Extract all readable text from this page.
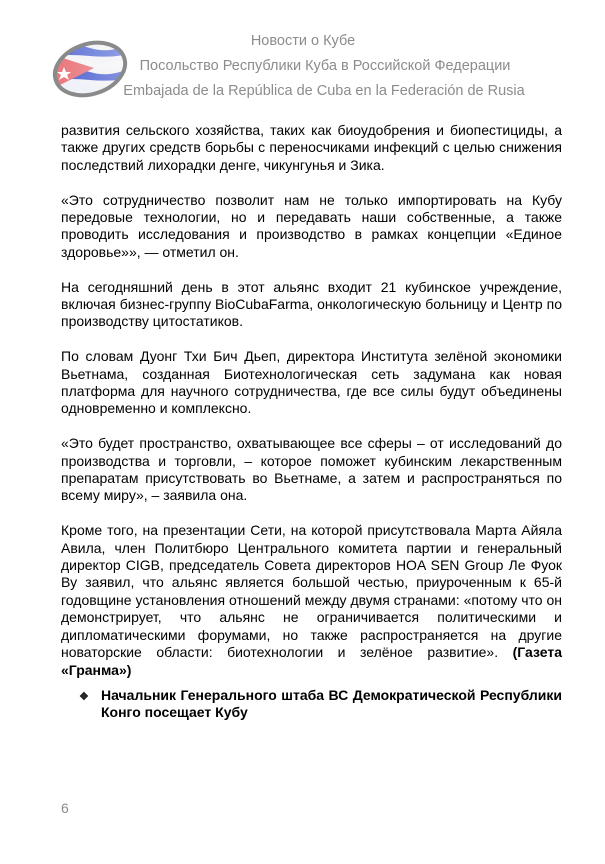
Новости о Кубе
Посольство Республики Куба в Российской Федерации
Embajada de la República de Cuba en la Federación de Rusia

развития сельского хозяйства, таких как биоудобрения и биопестициды, а также других средств борьбы с переносчиками инфекций с целью снижения последствий лихорадки денге, чикунгунья и Зика.

«Это сотрудничество позволит нам не только импортировать на Кубу передовые технологии, но и передавать наши собственные, а также проводить исследования и производство в рамках концепции «Единое здоровье»», — отметил он.

На сегодняшний день в этот альянс входит 21 кубинское учреждение, включая бизнес-группу BioCubaFarma, онкологическую больницу и Центр по производству цитостатиков.

По словам Дуонг Тхи Бич Дьеп, директора Института зелёной экономики Вьетнама, созданная Биотехнологическая сеть задумана как новая платформа для научного сотрудничества, где все силы будут объединены одновременно и комплексно.

«Это будет пространство, охватывающее все сферы – от исследований до производства и торговли, – которое поможет кубинским лекарственным препаратам присутствовать во Вьетнаме, а затем и распространяться по всему миру», – заявила она.

Кроме того, на презентации Сети, на которой присутствовала Марта Айяла Авила, член Политбюро Центрального комитета партии и генеральный директор CIGB, председатель Совета директоров HOA SEN Group Ле Фуок Ву заявил, что альянс является большой честью, приуроченным к 65-й годовщине установления отношений между двумя странами: «потому что он демонстрирует, что альянс не ограничивается политическими и дипломатическими форумами, но также распространяется на другие новаторские области: биотехнологии и зелёное развитие». (Газета «Гранма»)

❖ Начальник Генерального штаба ВС Демократической Республики Конго посещает Кубу
6
